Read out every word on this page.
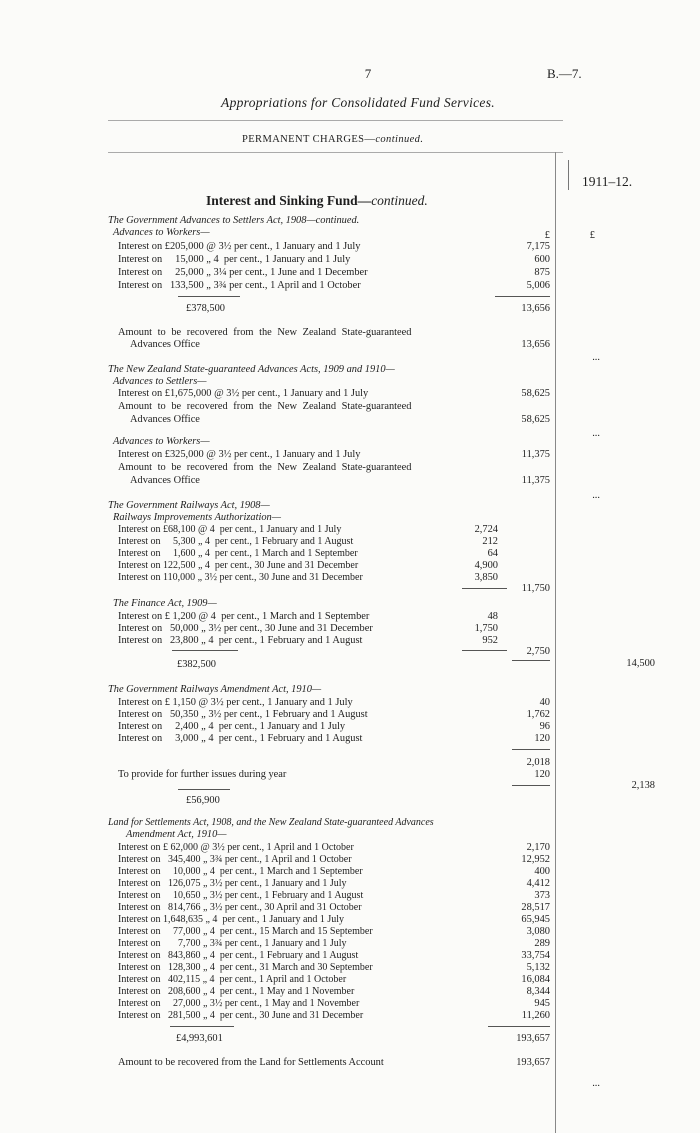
7	B.—7.
Appropriations for Consolidated Fund Services.
PERMANENT CHARGES—continued.
1911–12.
Interest and Sinking Fund—continued.
The Government Advances to Settlers Act, 1908—continued.
Advances to Workers—	£	£
Interest on £205,000 @ 3½ per cent., 1 January and 1 July	7,175
Interest on     15,000 „ 4  per cent., 1 January and 1 July	600
Interest on     25,000 „ 3¼ per cent., 1 June and 1 December	875
Interest on   133,500 „ 3¾ per cent., 1 April and 1 October	5,006
£378,500	13,656
Amount to be recovered from the New Zealand State-guaranteed
Advances Office	13,656
...
The New Zealand State-guaranteed Advances Acts, 1909 and 1910—
Advances to Settlers—
Interest on £1,675,000 @ 3½ per cent., 1 January and 1 July	58,625
Amount to be recovered from the New Zealand State-guaranteed
Advances Office	58,625
...
Advances to Workers—
Interest on £325,000 @ 3½ per cent., 1 January and 1 July	11,375
Amount to be recovered from the New Zealand State-guaranteed
Advances Office	11,375
...
The Government Railways Act, 1908—
Railways Improvements Authorization—
Interest on £68,100 @ 4  per cent., 1 January and 1 July	2,724
Interest on     5,300 „ 4  per cent., 1 February and 1 August	212
Interest on     1,600 „ 4  per cent., 1 March and 1 September	64
Interest on 122,500 „ 4  per cent., 30 June and 31 December	4,900
Interest on 110,000 „ 3½ per cent., 30 June and 31 December	3,850
11,750
The Finance Act, 1909—
Interest on £ 1,200 @ 4  per cent., 1 March and 1 September	48
Interest on   50,000 „ 3½ per cent., 30 June and 31 December	1,750
Interest on   23,800 „ 4  per cent., 1 February and 1 August	952
2,750
£382,500	14,500
The Government Railways Amendment Act, 1910—
Interest on £ 1,150 @ 3½ per cent., 1 January and 1 July	40
Interest on   50,350 „ 3½ per cent., 1 February and 1 August	1,762
Interest on     2,400 „ 4  per cent., 1 January and 1 July	96
Interest on     3,000 „ 4  per cent., 1 February and 1 August	120
2,018
To provide for further issues during year	120
2,138
£56,900
Land for Settlements Act, 1908, and the New Zealand State-guaranteed Advances
Amendment Act, 1910—
Interest on £ 62,000 @ 3½ per cent., 1 April and 1 October	2,170
Interest on   345,400 „ 3¾ per cent., 1 April and 1 October	12,952
Interest on     10,000 „ 4  per cent., 1 March and 1 September	400
Interest on   126,075 „ 3½ per cent., 1 January and 1 July	4,412
Interest on     10,650 „ 3½ per cent., 1 February and 1 August	373
Interest on   814,766 „ 3½ per cent., 30 April and 31 October	28,517
Interest on 1,648,635 „ 4  per cent., 1 January and 1 July	65,945
Interest on     77,000 „ 4  per cent., 15 March and 15 September	3,080
Interest on       7,700 „ 3¾ per cent., 1 January and 1 July	289
Interest on   843,860 „ 4  per cent., 1 February and 1 August	33,754
Interest on   128,300 „ 4  per cent., 31 March and 30 September	5,132
Interest on   402,115 „ 4  per cent., 1 April and 1 October	16,084
Interest on   208,600 „ 4  per cent., 1 May and 1 November	8,344
Interest on     27,000 „ 3½ per cent., 1 May and 1 November	945
Interest on   281,500 „ 4  per cent., 30 June and 31 December	11,260
£4,993,601	193,657
Amount to be recovered from the Land for Settlements Account	193,657
...
